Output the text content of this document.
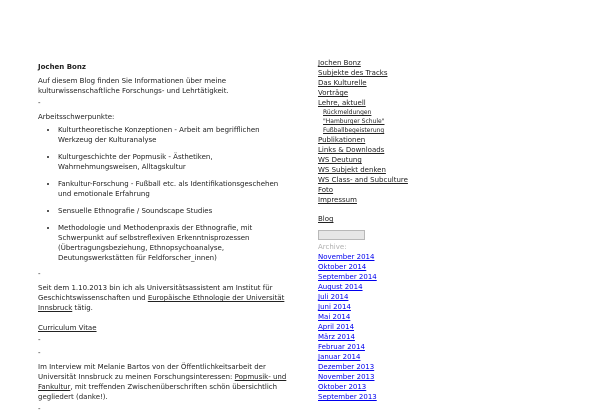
Jochen Bonz

Auf diesem Blog finden Sie Informationen über meine kulturwissenschaftliche Forschungs- und Lehrtätigkeit.

-

Arbeitsschwerpunkte:

• Kulturtheoretische Konzeptionen - Arbeit am begrifflichen Werkzeug der Kulturanalyse
• Kulturgeschichte der Popmusik - Ästhetiken, Wahrnehmungsweisen, Alltagskultur
• Fankultur-Forschung - Fußball etc. als Identifikationsgeschehen und emotionale Erfahrung
• Sensuelle Ethnografie / Soundscape Studies
• Methodologie und Methodenpraxis der Ethnografie, mit Schwerpunkt auf selbstreflexiven Erkenntnisprozessen (Übertragungsbeziehung, Ethnopsychoanalyse, Deutungswerkstätten für Feldforscher_innen)
-

Seit dem 1.10.2013 bin ich als Universitätsassistent am Institut für Geschichtswissenschaften und Europäische Ethnologie der Universität Innsbruck tätig.

Curriculum Vitae

-
-

Im Interview mit Melanie Bartos von der Öffentlichkeitsarbeit der Universität Innsbruck zu meinen Forschungsinteressen: Popmusik- und Fankultur, mit treffenden Zwischenüberschriften schön übersichtlich gegliedert (danke!).

-
Jochen Bonz
Subjekte des Tracks
Das Kulturelle
Vorträge
Lehre, aktuell
Rückmeldungen
"Hamburger Schule"
Fußballbegeisterung
Publikationen
Links & Downloads
WS Deutung
WS Subjekt denken
WS Class- and Subculture
Foto
Impressum
Blog
Archive:
November 2014
Oktober 2014
September 2014
August 2014
Juli 2014
Juni 2014
Mai 2014
April 2014
März 2014
Februar 2014
Januar 2014
Dezember 2013
November 2013
Oktober 2013
September 2013
